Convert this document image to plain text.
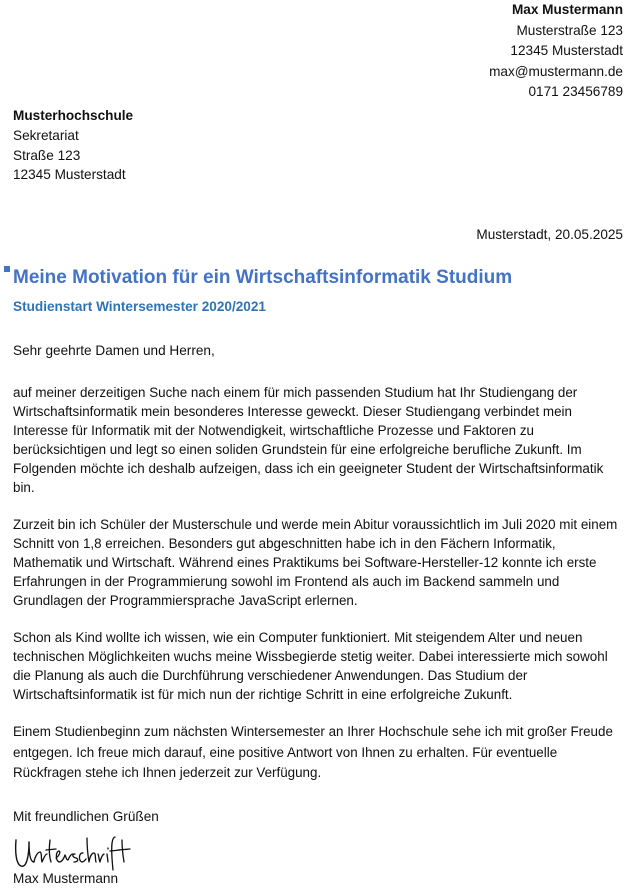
Max Mustermann
Musterstraße 123
12345 Musterstadt
max@mustermann.de
0171 23456789
Musterhochschule
Sekretariat
Straße 123
12345 Musterstadt
Musterstadt, 20.05.2025
Meine Motivation für ein Wirtschaftsinformatik Studium
Studienstart Wintersemester 2020/2021
Sehr geehrte Damen und Herren,

auf meiner derzeitigen Suche nach einem für mich passenden Studium hat Ihr Studiengang der Wirtschaftsinformatik mein besonderes Interesse geweckt. Dieser Studiengang verbindet mein Interesse für Informatik mit der Notwendigkeit, wirtschaftliche Prozesse und Faktoren zu berücksichtigen und legt so einen soliden Grundstein für eine erfolgreiche berufliche Zukunft. Im Folgenden möchte ich deshalb aufzeigen, dass ich ein geeigneter Student der Wirtschaftsinformatik bin.

Zurzeit bin ich Schüler der Musterschule und werde mein Abitur voraussichtlich im Juli 2020 mit einem Schnitt von 1,8 erreichen. Besonders gut abgeschnitten habe ich in den Fächern Informatik, Mathematik und Wirtschaft. Während eines Praktikums bei Software-Hersteller-12 konnte ich erste Erfahrungen in der Programmierung sowohl im Frontend als auch im Backend sammeln und Grundlagen der Programmiersprache JavaScript erlernen.

Schon als Kind wollte ich wissen, wie ein Computer funktioniert. Mit steigendem Alter und neuen technischen Möglichkeiten wuchs meine Wissbegierde stetig weiter. Dabei interessierte mich sowohl die Planung als auch die Durchführung verschiedener Anwendungen. Das Studium der Wirtschaftsinformatik ist für mich nun der richtige Schritt in eine erfolgreiche Zukunft.

Einem Studienbeginn zum nächsten Wintersemester an Ihrer Hochschule sehe ich mit großer Freude entgegen. Ich freue mich darauf, eine positive Antwort von Ihnen zu erhalten. Für eventuelle Rückfragen stehe ich Ihnen jederzeit zur Verfügung.

Mit freundlichen Grüßen
Max Mustermann
